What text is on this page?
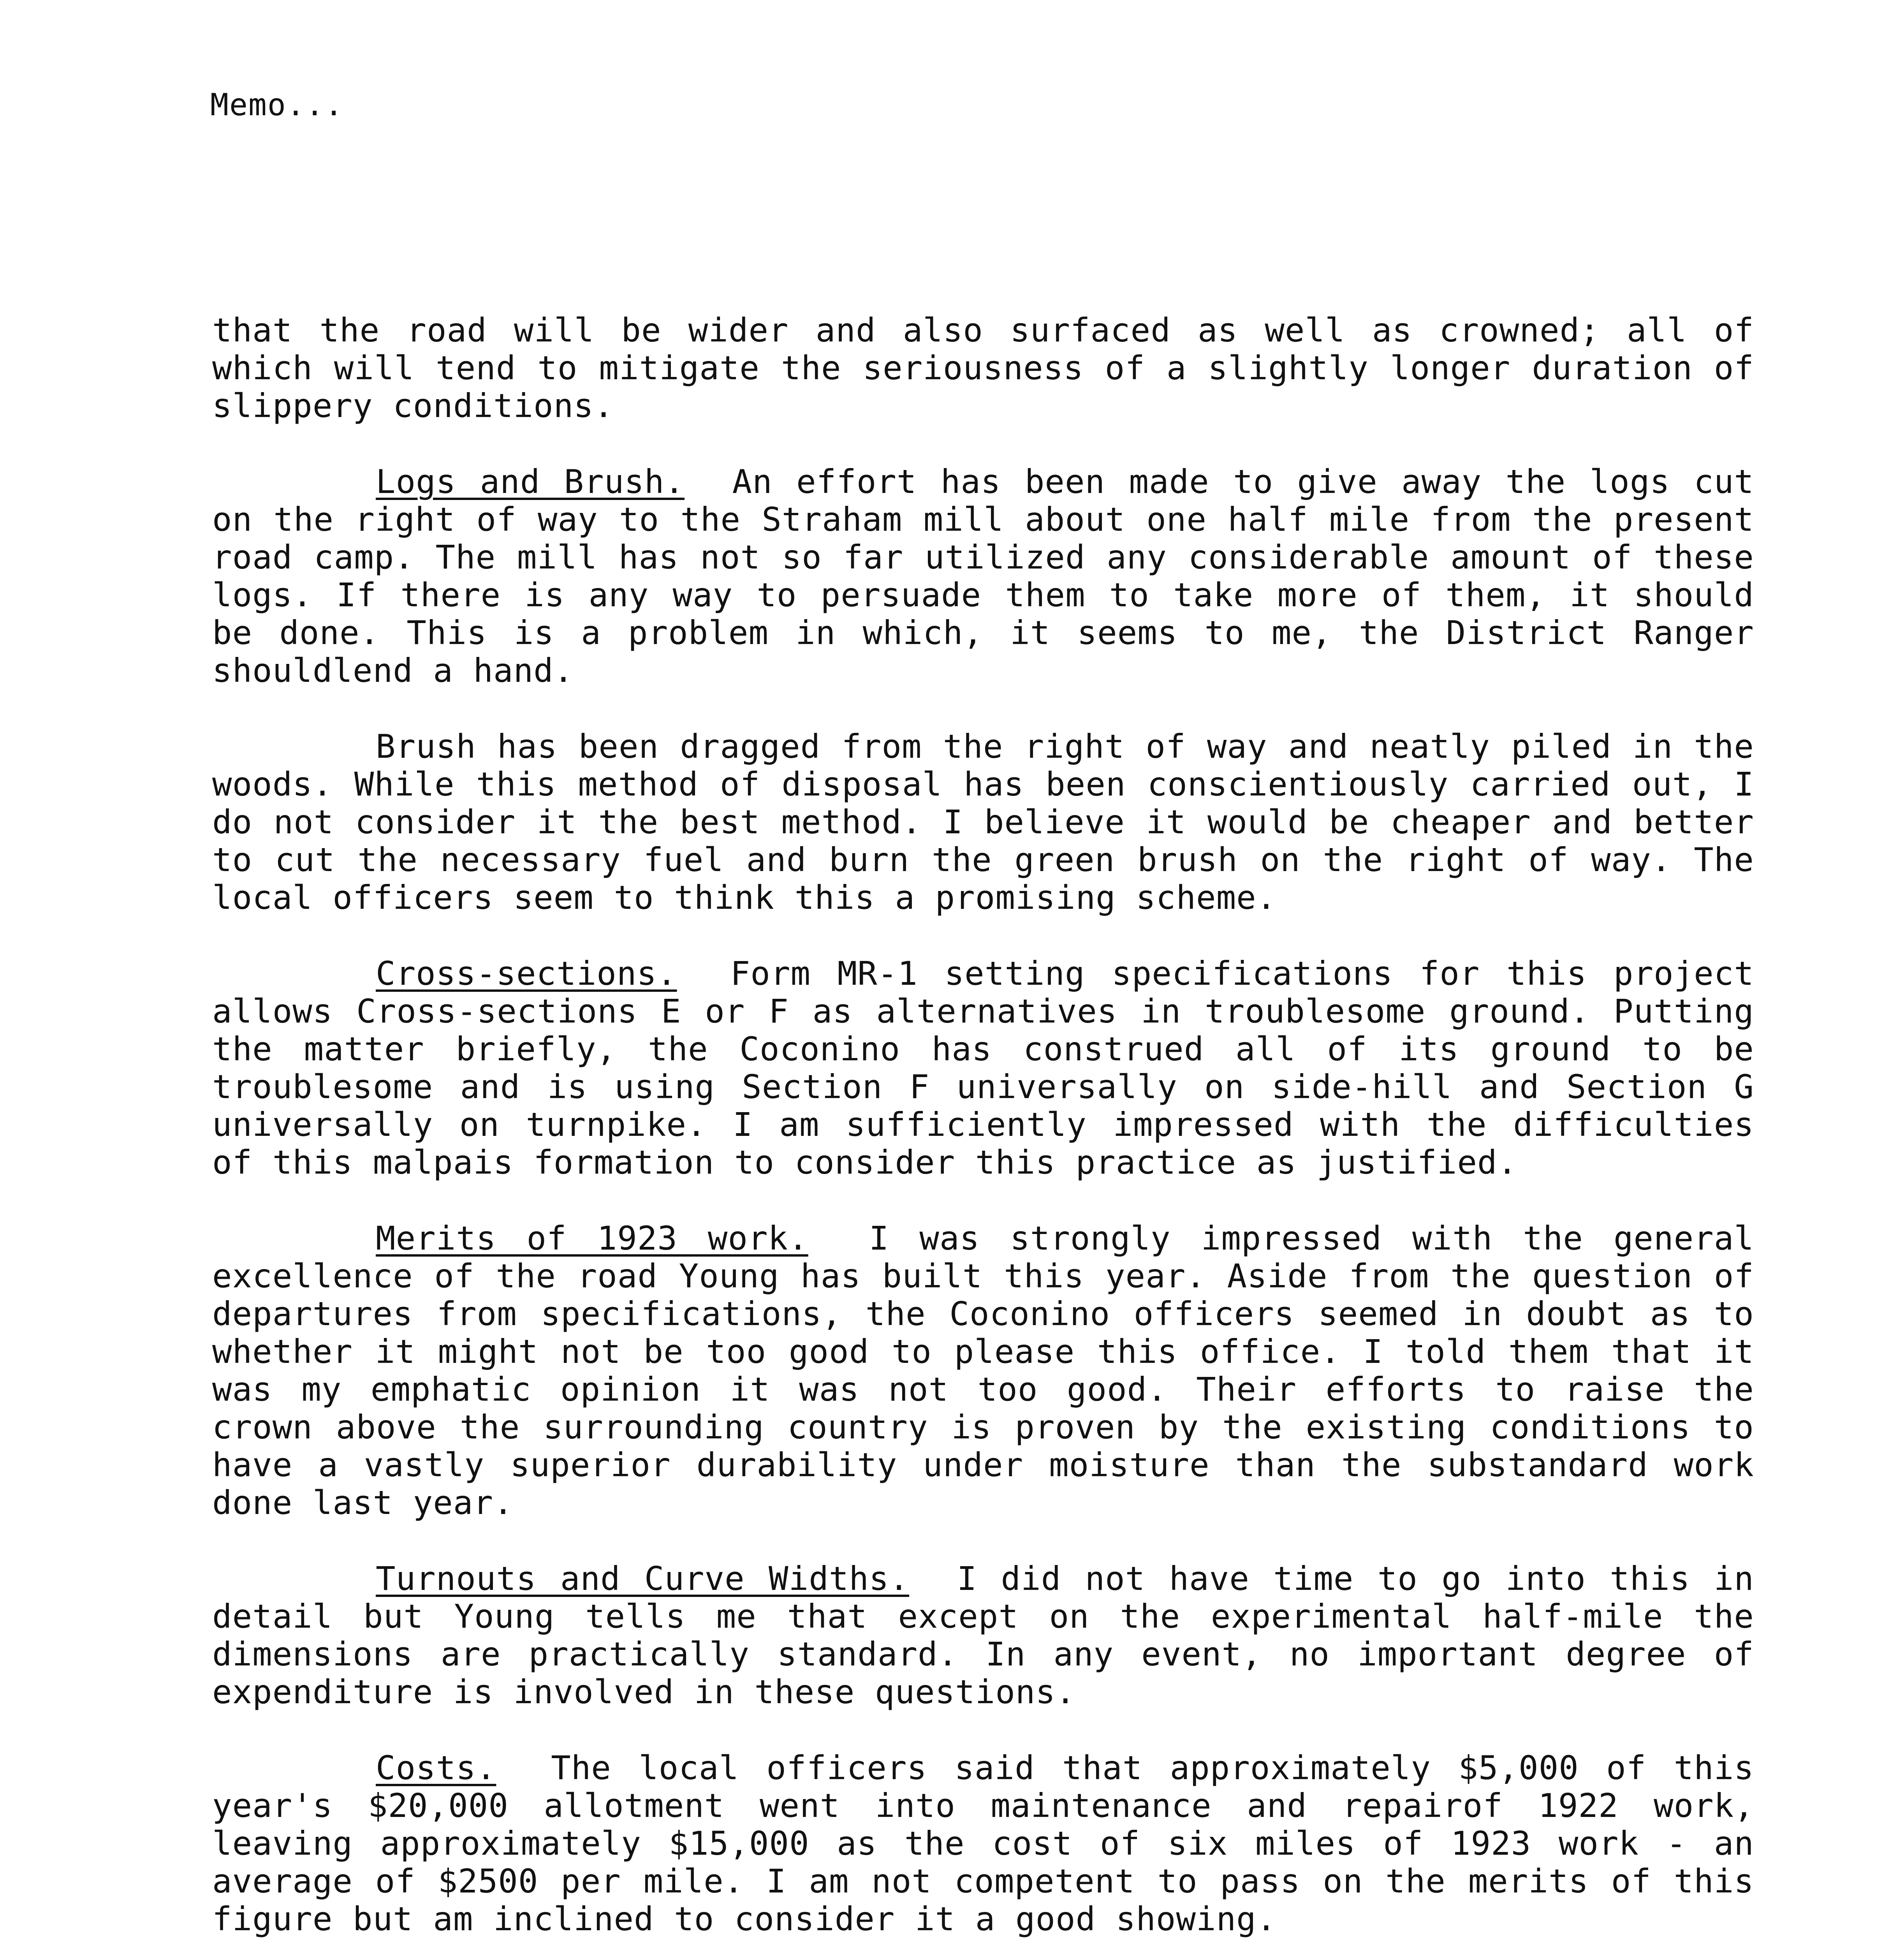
Memo...

that the road will be wider and also surfaced as well as crowned; all of which will tend to mitigate the seriousness of a slightly longer duration of slippery conditions.

Logs and Brush. An effort has been made to give away the logs cut on the right of way to the Straham mill about one half mile from the present road camp. The mill has not so far utilized any considerable amount of these logs. If there is any way to persuade them to take more of them, it should be done. This is a problem in which, it seems to me, the District Ranger shouldlend a hand.

Brush has been dragged from the right of way and neatly piled in the woods. While this method of disposal has been conscientiously carried out, I do not consider it the best method. I believe it would be cheaper and better to cut the necessary fuel and burn the green brush on the right of way. The local officers seem to think this a promising scheme.

Cross-sections. Form MR-1 setting specifications for this project allows Cross-sections E or F as alternatives in troublesome ground. Putting the matter briefly, the Coconino has construed all of its ground to be troublesome and is using Section F universally on side-hill and Section G universally on turnpike. I am sufficiently impressed with the difficulties of this malpais formation to consider this practice as justified.

Merits of 1923 work. I was strongly impressed with the general excellence of the road Young has built this year. Aside from the question of departures from specifications, the Coconino officers seemed in doubt as to whether it might not be too good to please this office. I told them that it was my emphatic opinion it was not too good. Their efforts to raise the crown above the surrounding country is proven by the existing conditions to have a vastly superior durability under moisture than the substandard work done last year.

Turnouts and Curve Widths. I did not have time to go into this in detail but Young tells me that except on the experimental half-mile the dimensions are practically standard. In any event, no important degree of expenditure is involved in these questions.

Costs. The local officers said that approximately $5,000 of this year's $20,000 allotment went into maintenance and repairof 1922 work, leaving approximately $15,000 as the cost of six miles of 1923 work - an average of $2500 per mile. I am not competent to pass on the merits of this figure but am inclined to consider it a good showing.
